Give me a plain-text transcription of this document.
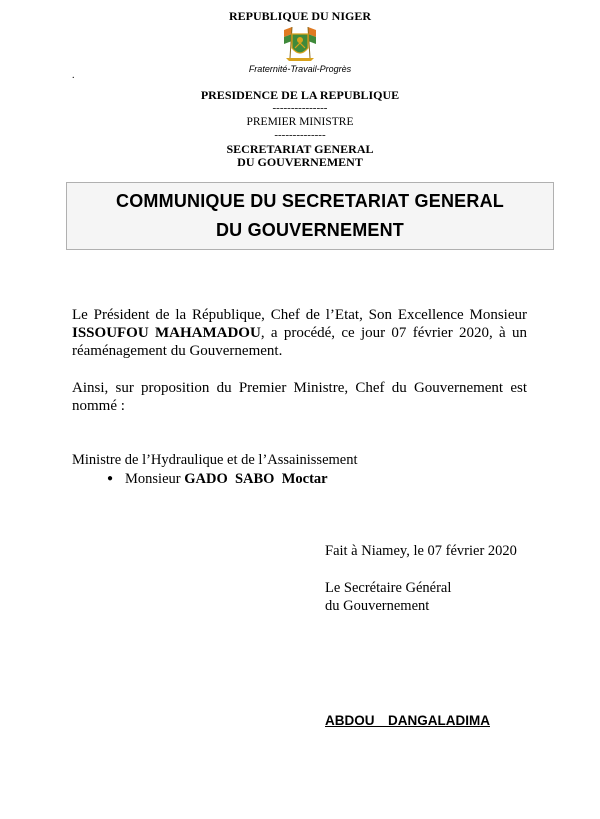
REPUBLIQUE DU NIGER
Fraternité-Travail-Progrès
.
PRESIDENCE DE LA REPUBLIQUE
---------------
PREMIER MINISTRE
--------------
SECRETARIAT GENERAL
DU GOUVERNEMENT
COMMUNIQUE DU SECRETARIAT GENERAL
DU GOUVERNEMENT
Le Président de la République, Chef de l’Etat, Son Excellence Monsieur ISSOUFOU MAHAMADOU, a procédé, ce jour 07 février 2020, à un réaménagement du Gouvernement.
Ainsi, sur proposition du Premier Ministre, Chef du Gouvernement est nommé :
Ministre de l’Hydraulique et de l’Assainissement
● Monsieur GADO  SABO  Moctar
Fait à Niamey, le 07 février 2020
Le Secrétaire Général
du Gouvernement
ABDOU  DANGALADIMA
